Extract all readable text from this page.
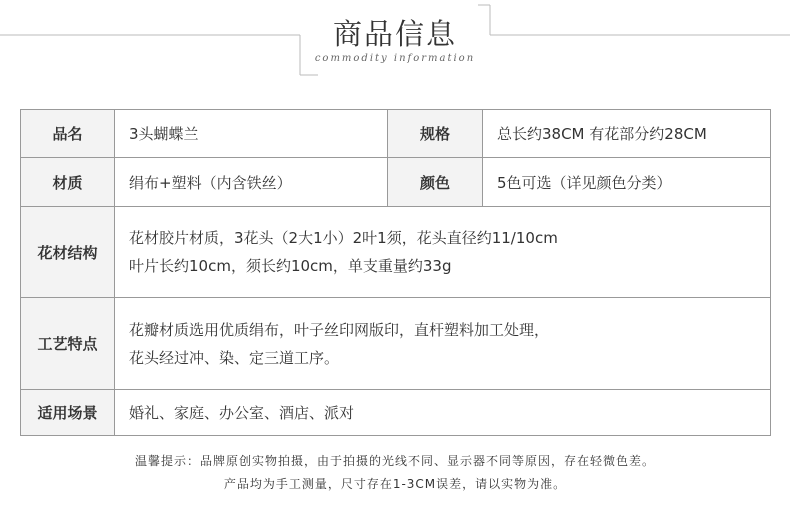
商品信息
commodity information
品名	3头蝴蝶兰	规格	总长约38CM 有花部分约28CM
材质	绢布+塑料（内含铁丝）	颜色	5色可选（详见颜色分类）
花材结构	花材胶片材质，3花头（2大1小）2叶1须，花头直径约11/10cm
叶片长约10cm，须长约10cm，单支重量约33g		

工艺特点	花瓣材质选用优质绢布，叶子丝印网版印，直杆塑料加工处理，
花头经过冲、染、定三道工序。		

适用场景	婚礼、家庭、办公室、酒店、派对		
温馨提示：品牌原创实物拍摄，由于拍摄的光线不同、显示器不同等原因，存在轻微色差。
产品均为手工测量，尺寸存在1-3CM误差，请以实物为准。
